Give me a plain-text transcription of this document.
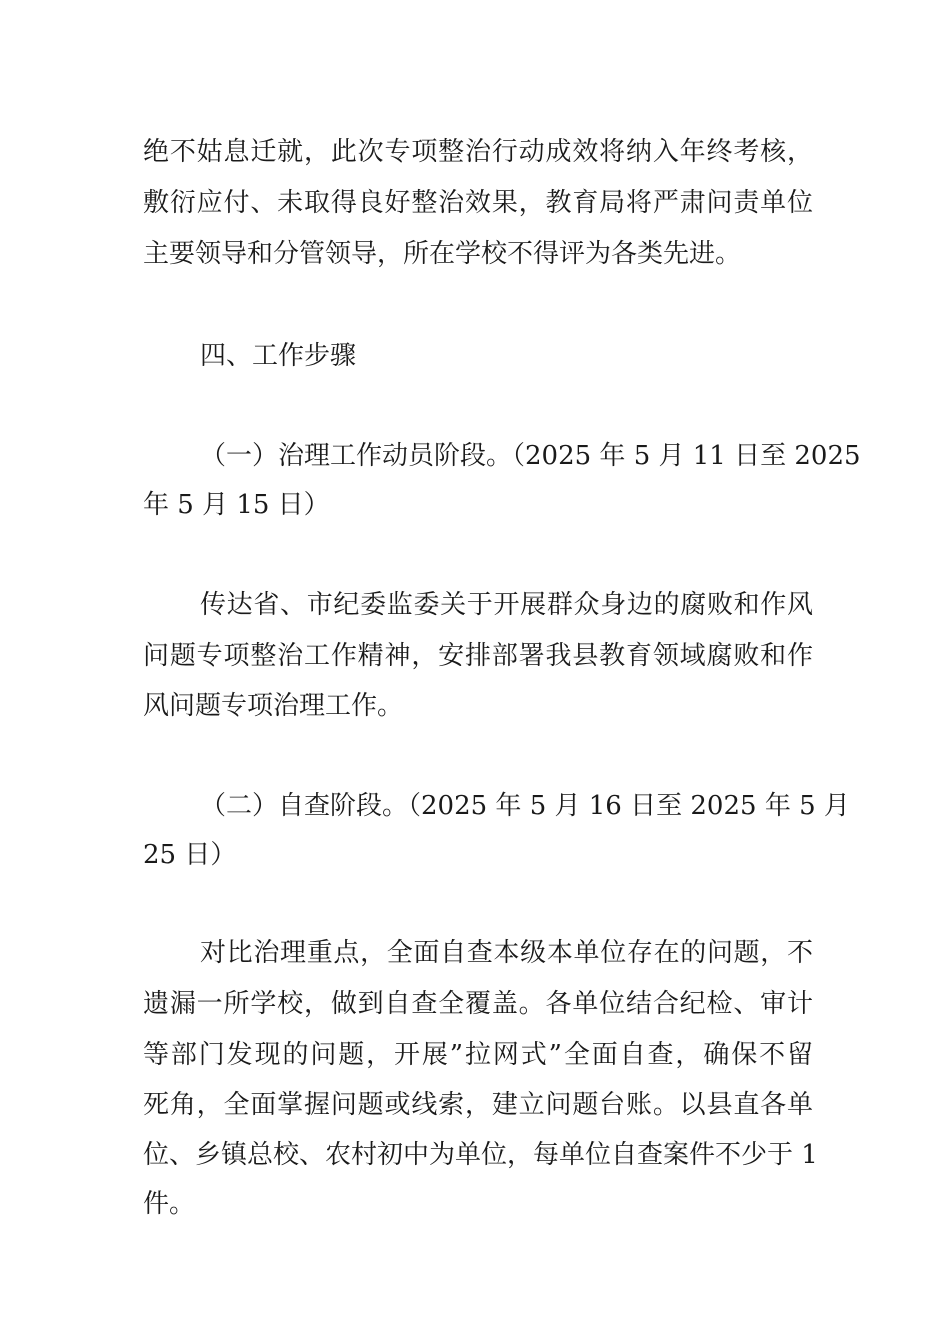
绝不姑息迁就，此次专项整治行动成效将纳入年终考核，
敷衍应付、未取得良好整治效果，教育局将严肃问责单位
主要领导和分管领导，所在学校不得评为各类先进。
四、工作步骤
（一）治理工作动员阶段。（2025 年 5 月 11 日至 2025
年 5 月 15 日）
传达省、市纪委监委关于开展群众身边的腐败和作风
问题专项整治工作精神，安排部署我县教育领域腐败和作
风问题专项治理工作。
（二）自查阶段。（2025 年 5 月 16 日至 2025 年 5 月
25 日）
对比治理重点，全面自查本级本单位存在的问题，不
遗漏一所学校，做到自查全覆盖。各单位结合纪检、审计
等部门发现的问题，开展”拉网式”全面自查，确保不留
死角，全面掌握问题或线索，建立问题台账。以县直各单
位、乡镇总校、农村初中为单位，每单位自查案件不少于 1
件。
